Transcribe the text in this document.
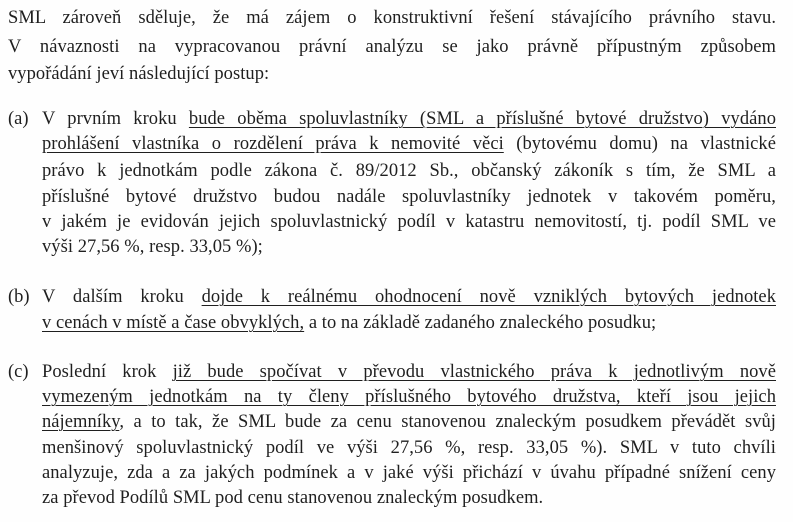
SML zároveň sděluje, že má zájem o konstruktivní řešení stávajícího právního stavu.
V návaznosti na vypracovanou právní analýzu se jako právně přípustným způsobem
vypořádání jeví následující postup:
(a) V prvním kroku bude oběma spoluvlastníky (SML a příslušné bytové družstvo) vydáno
prohlášení vlastníka o rozdělení práva k nemovité věci (bytovému domu) na vlastnické
právo k jednotkám podle zákona č. 89/2012 Sb., občanský zákoník s tím, že SML a
příslušné bytové družstvo budou nadále spoluvlastníky jednotek v takovém poměru,
v jakém je evidován jejich spoluvlastnický podíl v katastru nemovitostí, tj. podíl SML ve
výši 27,56 %, resp. 33,05 %);
(b) V dalším kroku dojde k reálnému ohodnocení nově vzniklých bytových jednotek
v cenách v místě a čase obvyklých, a to na základě zadaného znaleckého posudku;
(c) Poslední krok již bude spočívat v převodu vlastnického práva k jednotlivým nově
vymezeným jednotkám na ty členy příslušného bytového družstva, kteří jsou jejich
nájemníky, a to tak, že SML bude za cenu stanovenou znaleckým posudkem převádět svůj
menšinový spoluvlastnický podíl ve výši 27,56 %, resp. 33,05 %). SML v tuto chvíli
analyzuje, zda a za jakých podmínek a v jaké výši přichází v úvahu případné snížení ceny
za převod Podílů SML pod cenu stanovenou znaleckým posudkem.
